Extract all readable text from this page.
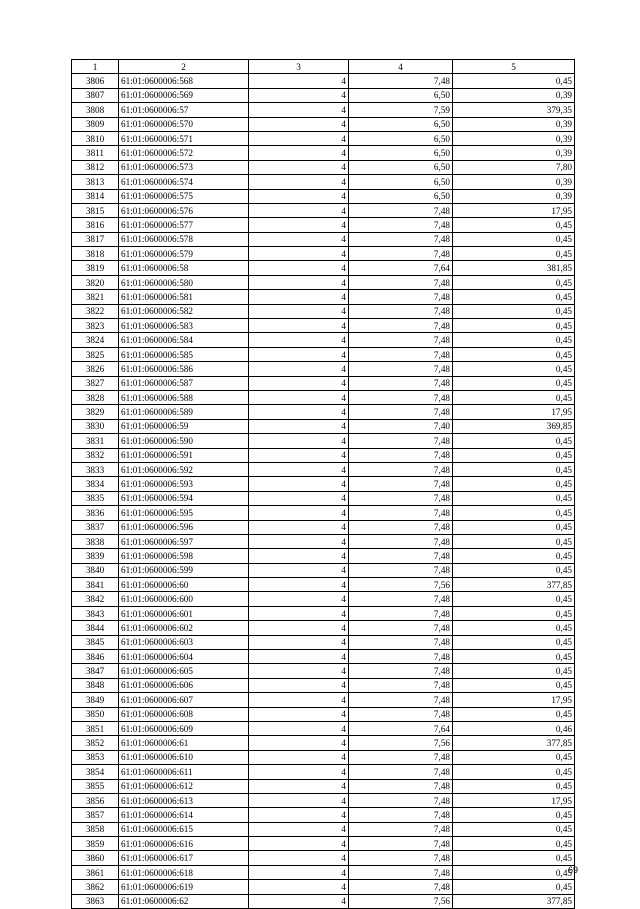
1	2	3	4	5
3806	61:01:0600006:568	4	7,48	0,45
3807	61:01:0600006:569	4	6,50	0,39
3808	61:01:0600006:57	4	7,59	379,35
3809	61:01:0600006:570	4	6,50	0,39
3810	61:01:0600006:571	4	6,50	0,39
3811	61:01:0600006:572	4	6,50	0,39
3812	61:01:0600006:573	4	6,50	7,80
3813	61:01:0600006:574	4	6,50	0,39
3814	61:01:0600006:575	4	6,50	0,39
3815	61:01:0600006:576	4	7,48	17,95
3816	61:01:0600006:577	4	7,48	0,45
3817	61:01:0600006:578	4	7,48	0,45
3818	61:01:0600006:579	4	7,48	0,45
3819	61:01:0600006:58	4	7,64	381,85
3820	61:01:0600006:580	4	7,48	0,45
3821	61:01:0600006:581	4	7,48	0,45
3822	61:01:0600006:582	4	7,48	0,45
3823	61:01:0600006:583	4	7,48	0,45
3824	61:01:0600006:584	4	7,48	0,45
3825	61:01:0600006:585	4	7,48	0,45
3826	61:01:0600006:586	4	7,48	0,45
3827	61:01:0600006:587	4	7,48	0,45
3828	61:01:0600006:588	4	7,48	0,45
3829	61:01:0600006:589	4	7,48	17,95
3830	61:01:0600006:59	4	7,40	369,85
3831	61:01:0600006:590	4	7,48	0,45
3832	61:01:0600006:591	4	7,48	0,45
3833	61:01:0600006:592	4	7,48	0,45
3834	61:01:0600006:593	4	7,48	0,45
3835	61:01:0600006:594	4	7,48	0,45
3836	61:01:0600006:595	4	7,48	0,45
3837	61:01:0600006:596	4	7,48	0,45
3838	61:01:0600006:597	4	7,48	0,45
3839	61:01:0600006:598	4	7,48	0,45
3840	61:01:0600006:599	4	7,48	0,45
3841	61:01:0600006:60	4	7,56	377,85
3842	61:01:0600006:600	4	7,48	0,45
3843	61:01:0600006:601	4	7,48	0,45
3844	61:01:0600006:602	4	7,48	0,45
3845	61:01:0600006:603	4	7,48	0,45
3846	61:01:0600006:604	4	7,48	0,45
3847	61:01:0600006:605	4	7,48	0,45
3848	61:01:0600006:606	4	7,48	0,45
3849	61:01:0600006:607	4	7,48	17,95
3850	61:01:0600006:608	4	7,48	0,45
3851	61:01:0600006:609	4	7,64	0,46
3852	61:01:0600006:61	4	7,56	377,85
3853	61:01:0600006:610	4	7,48	0,45
3854	61:01:0600006:611	4	7,48	0,45
3855	61:01:0600006:612	4	7,48	0,45
3856	61:01:0600006:613	4	7,48	17,95
3857	61:01:0600006:614	4	7,48	0,45
3858	61:01:0600006:615	4	7,48	0,45
3859	61:01:0600006:616	4	7,48	0,45
3860	61:01:0600006:617	4	7,48	0,45
3861	61:01:0600006:618	4	7,48	0,45
3862	61:01:0600006:619	4	7,48	0,45
3863	61:01:0600006:62	4	7,56	377,85
69
